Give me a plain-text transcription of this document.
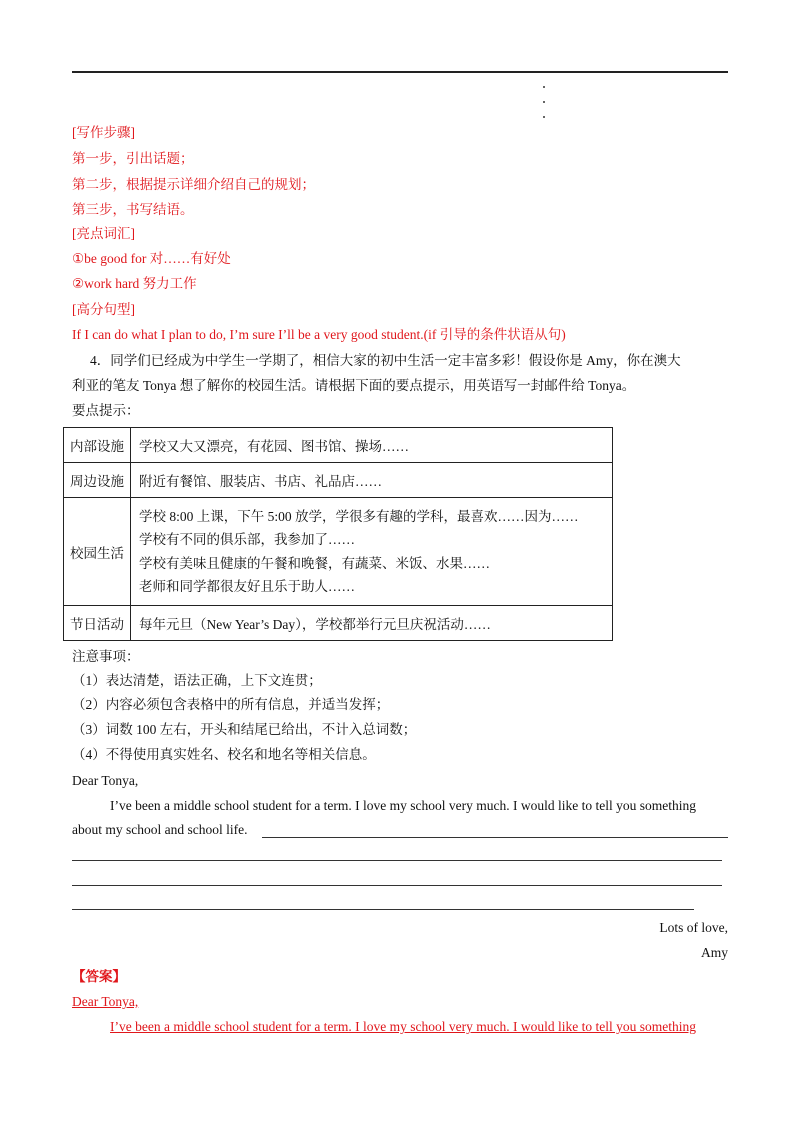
[写作步骤]
第一步，引出话题；
第二步，根据提示详细介绍自己的规划；
第三步，书写结语。
[亮点词汇]
①be good for 对……有好处
②work hard 努力工作
[高分句型]
If I can do what I plan to do, I’m sure I’ll be a very good student.(if 引导的条件状语从句)
4．同学们已经成为中学生一学期了，相信大家的初中生活一定丰富多彩！假设你是 Amy，你在澳大
利亚的笔友 Tonya 想了解你的校园生活。请根据下面的要点提示，用英语写一封邮件给 Tonya。
要点提示：
内部设施	学校又大又漂亮，有花园、图书馆、操场……
周边设施	附近有餐馆、服装店、书店、礼品店……
校园生活	学校 8:00 上课，下午 5:00 放学，学很多有趣的学科，最喜欢……因为……
学校有不同的俱乐部，我参加了……
学校有美味且健康的午餐和晚餐，有蔬菜、米饭、水果……
老师和同学都很友好且乐于助人……

节日活动	每年元旦（New Year’s Day），学校都举行元旦庆祝活动……
注意事项：
（1）表达清楚，语法正确，上下文连贯；
（2）内容必须包含表格中的所有信息，并适当发挥；
（3）词数 100 左右，开头和结尾已给出，不计入总词数；
（4）不得使用真实姓名、校名和地名等相关信息。
Dear Tonya,
I’ve been a middle school student for a term. I love my school very much. I would like to tell you something
about my school and school life.
Lots of love,
Amy
【答案】
Dear Tonya,
I’ve been a middle school student for a term. I love my school very much. I would like to tell you something
